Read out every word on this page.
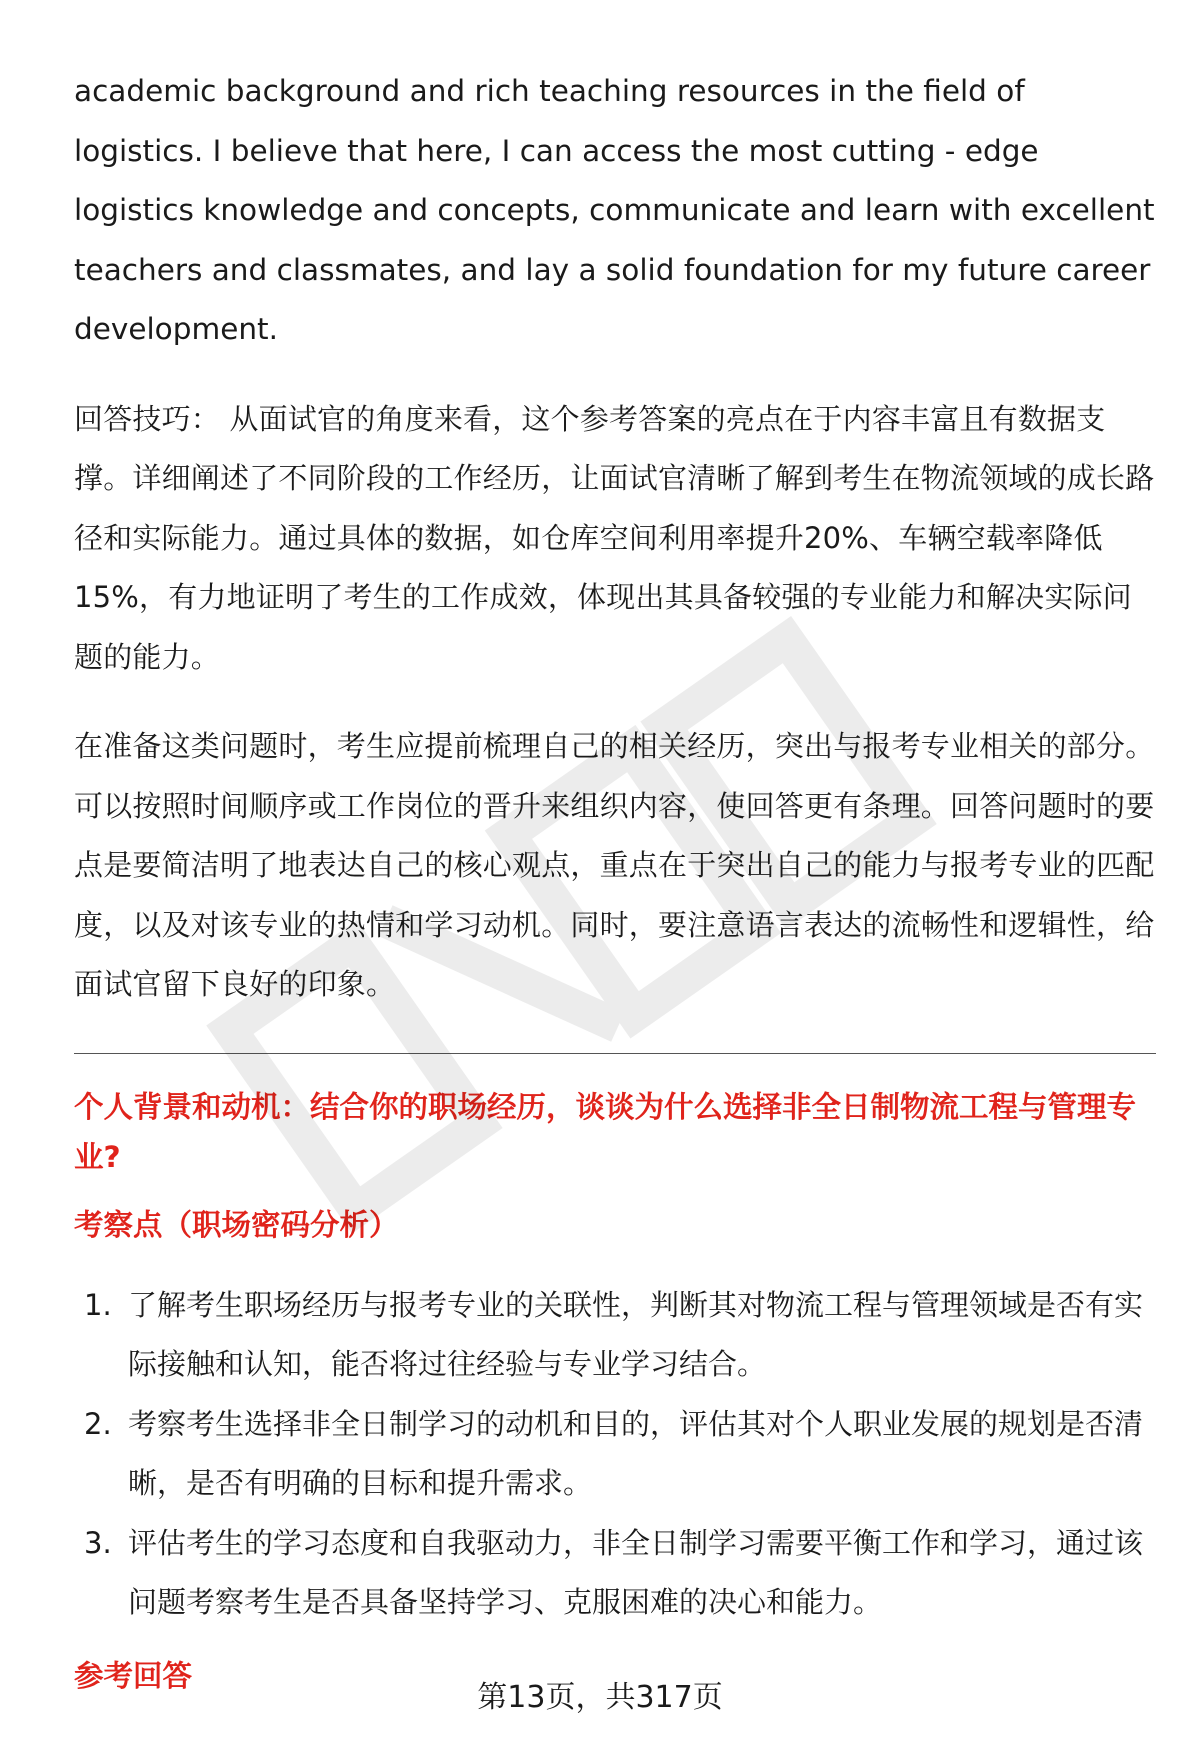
academic background and rich teaching resources in the field of logistics. I believe that here, I can access the most cutting - edge logistics knowledge and concepts, communicate and learn with excellent teachers and classmates, and lay a solid foundation for my future career development.

回答技巧： 从面试官的角度来看，这个参考答案的亮点在于内容丰富且有数据支撑。详细阐述了不同阶段的工作经历，让面试官清晰了解到考生在物流领域的成长路径和实际能力。通过具体的数据，如仓库空间利用率提升20%、车辆空载率降低15%，有力地证明了考生的工作成效，体现出其具备较强的专业能力和解决实际问题的能力。

在准备这类问题时，考生应提前梳理自己的相关经历，突出与报考专业相关的部分。可以按照时间顺序或工作岗位的晋升来组织内容，使回答更有条理。回答问题时的要点是要简洁明了地表达自己的核心观点，重点在于突出自己的能力与报考专业的匹配度，以及对该专业的热情和学习动机。同时，要注意语言表达的流畅性和逻辑性，给面试官留下良好的印象。

个人背景和动机：结合你的职场经历，谈谈为什么选择非全日制物流工程与管理专业?
考察点（职场密码分析）
1. 了解考生职场经历与报考专业的关联性，判断其对物流工程与管理领域是否有实际接触和认知，能否将过往经验与专业学习结合。
2. 考察考生选择非全日制学习的动机和目的，评估其对个人职业发展的规划是否清晰，是否有明确的目标和提升需求。
3. 评估考生的学习态度和自我驱动力，非全日制学习需要平衡工作和学习，通过该问题考察考生是否具备坚持学习、克服困难的决心和能力。
参考回答
第13页，共317页
